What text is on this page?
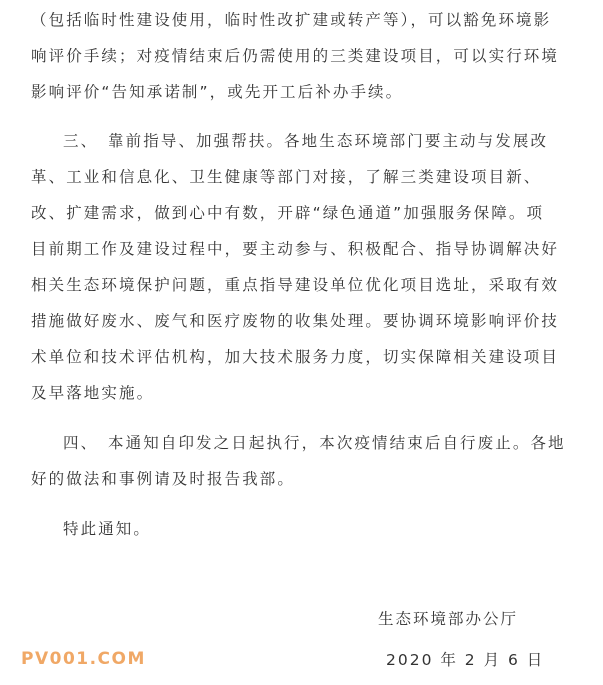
（包括临时性建设使用，临时性改扩建或转产等），可以豁免环境影
响评价手续；对疫情结束后仍需使用的三类建设项目，可以实行环境
影响评价“告知承诺制”，或先开工后补办手续。
三、　靠前指导、加强帮扶。各地生态环境部门要主动与发展改
革、工业和信息化、卫生健康等部门对接，了解三类建设项目新、
改、扩建需求，做到心中有数，开辟“绿色通道”加强服务保障。项
目前期工作及建设过程中，要主动参与、积极配合、指导协调解决好
相关生态环境保护问题，重点指导建设单位优化项目选址，采取有效
措施做好废水、废气和医疗废物的收集处理。要协调环境影响评价技
术单位和技术评估机构，加大技术服务力度，切实保障相关建设项目
及早落地实施。
四、　本通知自印发之日起执行，本次疫情结束后自行废止。各地
好的做法和事例请及时报告我部。
特此通知。
生态环境部办公厅
2020 年 2 月 6 日
PV001.COM
